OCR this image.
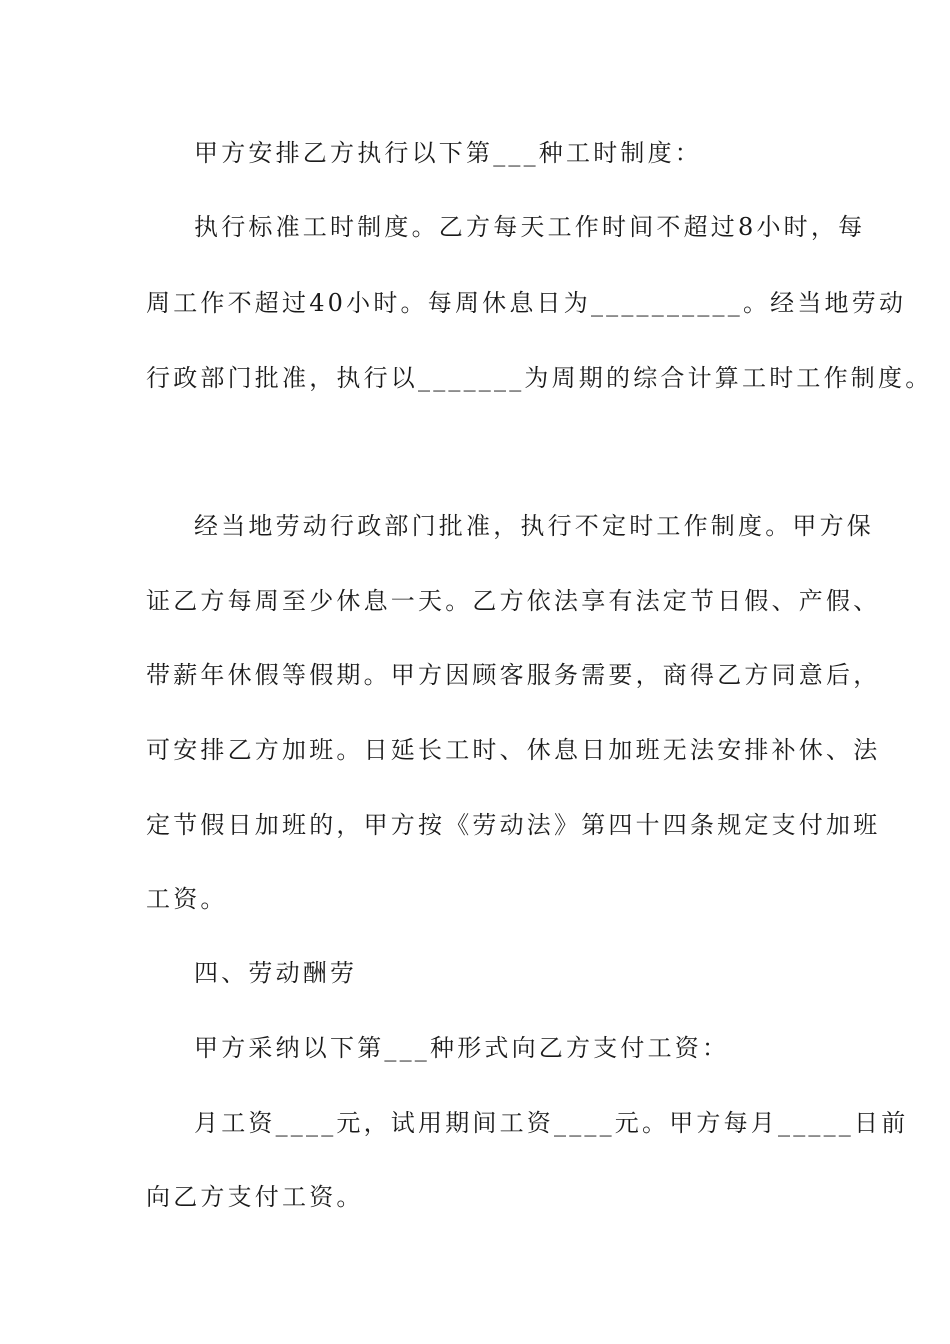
甲方安排乙方执行以下第___种工时制度：
执行标准工时制度。乙方每天工作时间不超过8小时，每
周工作不超过40小时。每周休息日为__________。经当地劳动
行政部门批准，执行以_______为周期的综合计算工时工作制度。
经当地劳动行政部门批准，执行不定时工作制度。甲方保
证乙方每周至少休息一天。乙方依法享有法定节日假、产假、
带薪年休假等假期。甲方因顾客服务需要，商得乙方同意后，
可安排乙方加班。日延长工时、休息日加班无法安排补休、法
定节假日加班的，甲方按《劳动法》第四十四条规定支付加班
工资。
四、劳动酬劳
甲方采纳以下第___种形式向乙方支付工资：
月工资____元，试用期间工资____元。甲方每月_____日前
向乙方支付工资。
